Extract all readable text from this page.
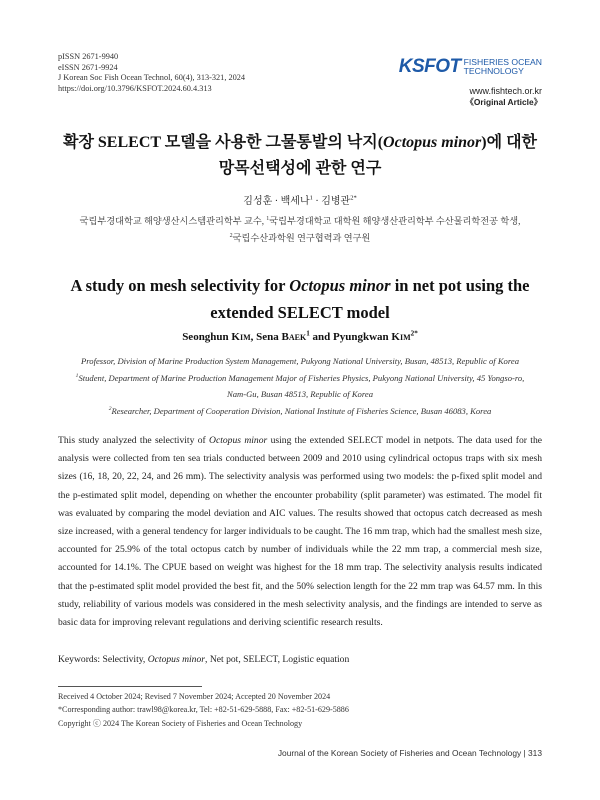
pISSN 2671-9940
eISSN 2671-9924
J Korean Soc Fish Ocean Technol, 60(4), 313-321, 2024
https://doi.org/10.3796/KSFOT.2024.60.4.313
KSFOT FISHERIES OCEAN
TECHNOLOGY
www.fishtech.or.kr
《Original Article》
확장 SELECT 모델을 사용한 그물통발의 낙지(Octopus minor)에 대한
망목선택성에 관한 연구
김성훈 · 백세나$^1$ · 김병관$^{2*}$
국립부경대학교 해양생산시스템관리학부 교수, $^1$국립부경대학교 대학원 해양생산관리학부 수산물리학전공 학생,
$^2$국립수산과학원 연구협력과 연구원
A study on mesh selectivity for Octopus minor in net pot using the
extended SELECT model
Seonghun Kim, Sena Baek$^1$ and Pyungkwan Kim$^{2*}$
Professor, Division of Marine Production System Management, Pukyong National University, Busan, 48513, Republic of Korea
$^1$Student, Department of Marine Production Management Major of Fisheries Physics, Pukyong National University, 45 Yongso-ro,
Nam-Gu, Busan 48513, Republic of Korea
$^2$Researcher, Department of Cooperation Division, National Institute of Fisheries Science, Busan 46083, Korea
This study analyzed the selectivity of Octopus minor using the extended SELECT model in netpots. The data used for the analysis were collected from ten sea trials conducted between 2009 and 2010 using cylindrical octopus traps with six mesh sizes (16, 18, 20, 22, 24, and 26 mm). The selectivity analysis was performed using two models: the p-fixed split model and the p-estimated split model, depending on whether the encounter probability (split parameter) was estimated. The model fit was evaluated by comparing the model deviation and AIC values. The results showed that octopus catch decreased as mesh size increased, with a general tendency for larger individuals to be caught. The 16 mm trap, which had the smallest mesh size, accounted for 25.9% of the total octopus catch by number of individuals while the 22 mm trap, a commercial mesh size, accounted for 14.1%. The CPUE based on weight was highest for the 18 mm trap. The selectivity analysis results indicated that the p-estimated split model provided the best fit, and the 50% selection length for the 22 mm trap was 64.57 mm. In this study, reliability of various models was considered in the mesh selectivity analysis, and the findings are intended to serve as basic data for improving relevant regulations and deriving scientific research results.
Keywords: Selectivity, Octopus minor, Net pot, SELECT, Logistic equation
Received 4 October 2024; Revised 7 November 2024; Accepted 20 November 2024
*Corresponding author: trawl98@korea.kr, Tel: +82-51-629-5888, Fax: +82-51-629-5886
Copyright ⓒ 2024 The Korean Society of Fisheries and Ocean Technology
Journal of the Korean Society of Fisheries and Ocean Technology | 313
